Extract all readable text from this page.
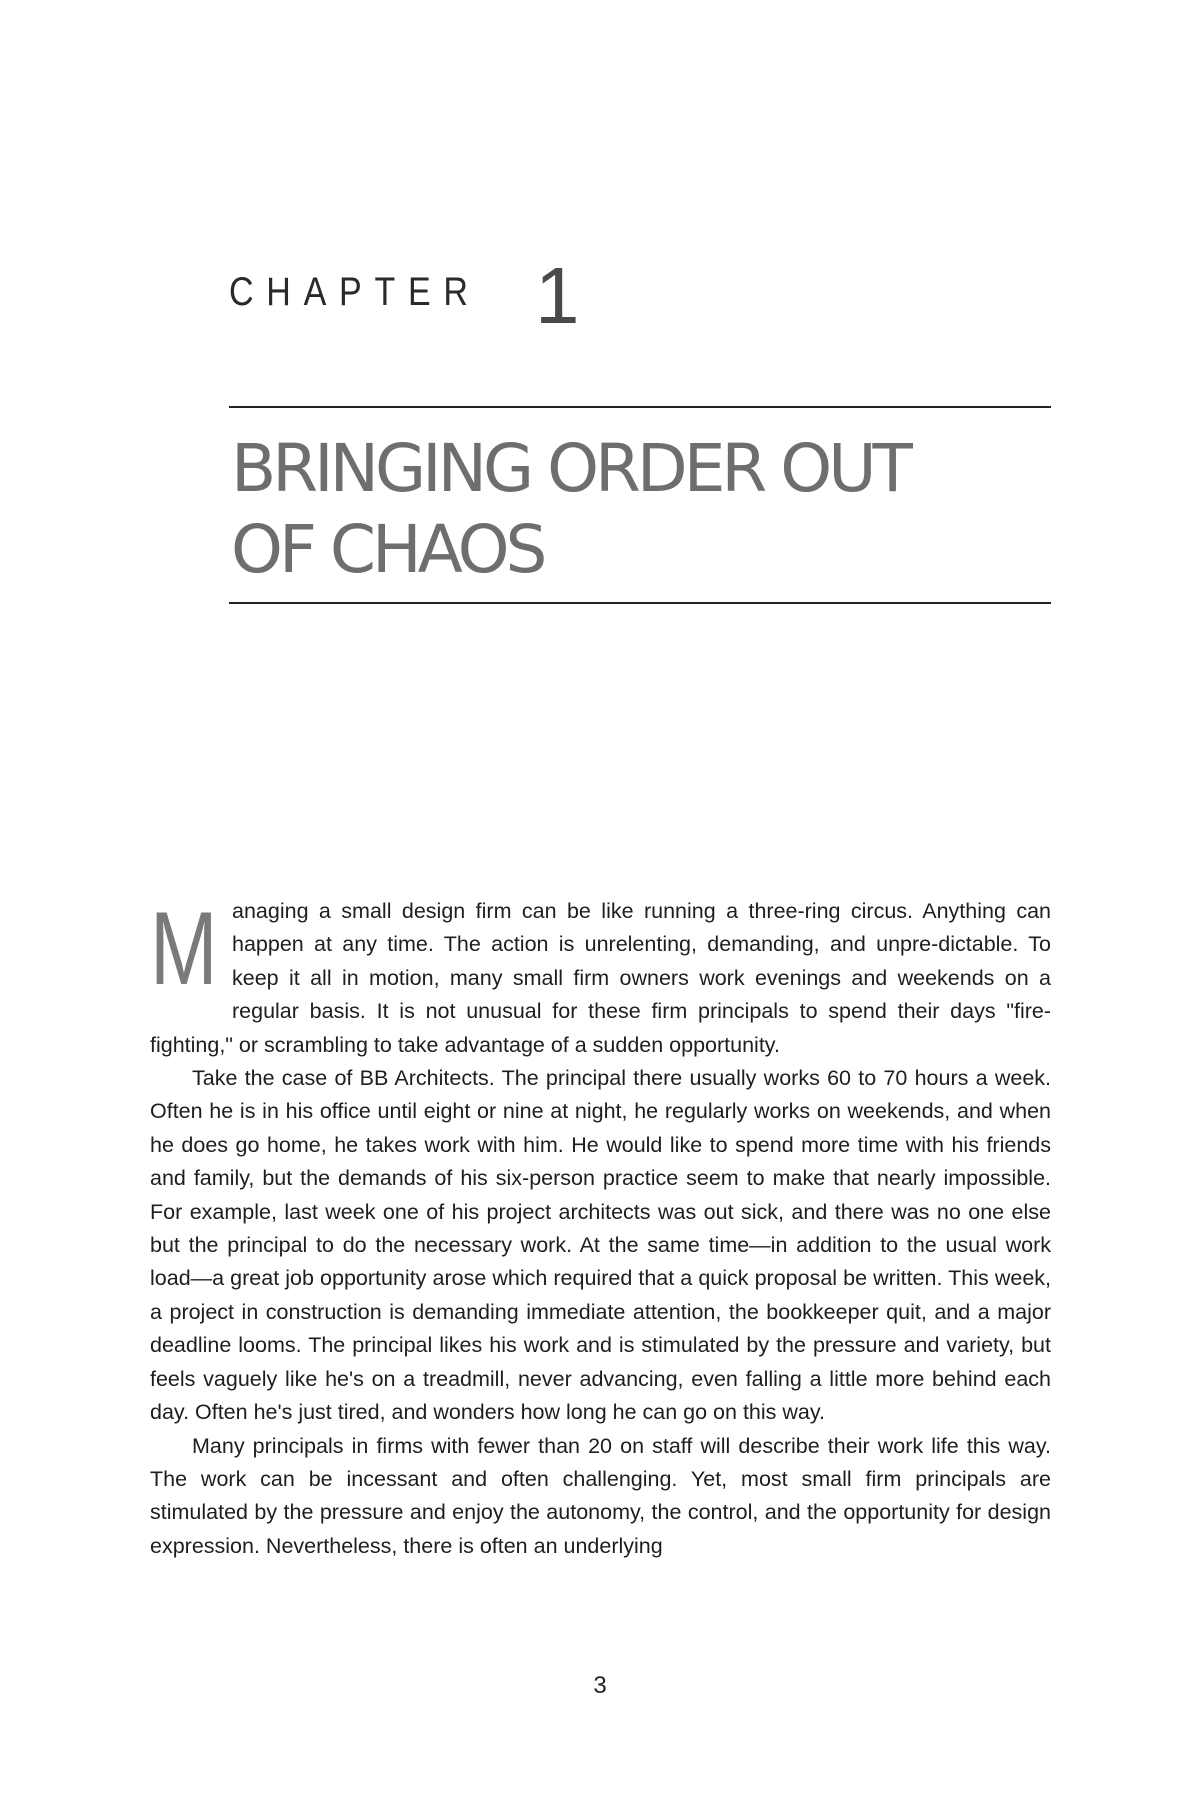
CHAPTER 1
BRINGING ORDER OUT
OF CHAOS

Managing a small design firm can be like running a three-ring circus. Anything can happen at any time. The action is unrelenting, demanding, and unpre-dictable. To keep it all in motion, many small firm owners work evenings and weekends on a regular basis. It is not unusual for these firm principals to spend their days "fire-fighting," or scrambling to take advantage of a sudden opportunity.

Take the case of BB Architects. The principal there usually works 60 to 70 hours a week. Often he is in his office until eight or nine at night, he regularly works on weekends, and when he does go home, he takes work with him. He would like to spend more time with his friends and family, but the demands of his six-person practice seem to make that nearly impossible. For example, last week one of his project architects was out sick, and there was no one else but the principal to do the necessary work. At the same time—in addition to the usual work load—a great job opportunity arose which required that a quick proposal be written. This week, a project in construction is demanding immediate attention, the bookkeeper quit, and a major deadline looms. The principal likes his work and is stimulated by the pressure and variety, but feels vaguely like he's on a treadmill, never advancing, even falling a little more behind each day. Often he's just tired, and wonders how long he can go on this way.

Many principals in firms with fewer than 20 on staff will describe their work life this way. The work can be incessant and often challenging. Yet, most small firm principals are stimulated by the pressure and enjoy the autonomy, the control, and the opportunity for design expression. Nevertheless, there is often an underlying

3
